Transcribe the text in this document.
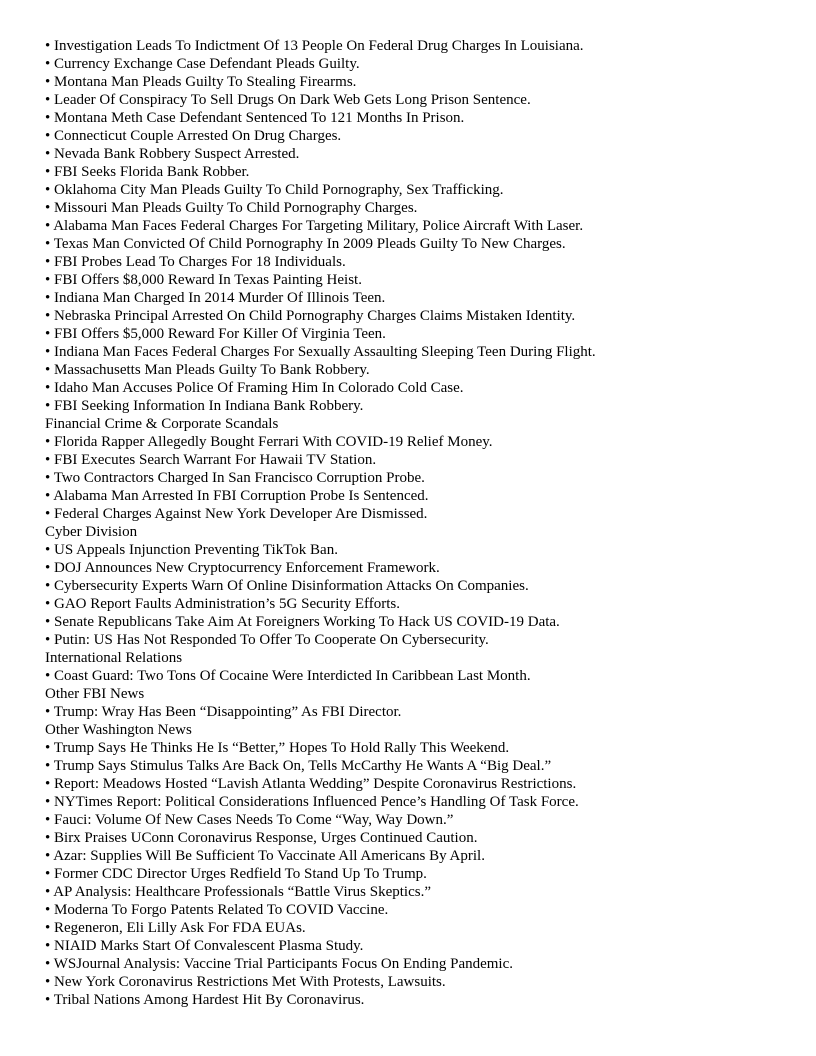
• Investigation Leads To Indictment Of 13 People On Federal Drug Charges In Louisiana.
• Currency Exchange Case Defendant Pleads Guilty.
• Montana Man Pleads Guilty To Stealing Firearms.
• Leader Of Conspiracy To Sell Drugs On Dark Web Gets Long Prison Sentence.
• Montana Meth Case Defendant Sentenced To 121 Months In Prison.
• Connecticut Couple Arrested On Drug Charges.
• Nevada Bank Robbery Suspect Arrested.
• FBI Seeks Florida Bank Robber.
• Oklahoma City Man Pleads Guilty To Child Pornography, Sex Trafficking.
• Missouri Man Pleads Guilty To Child Pornography Charges.
• Alabama Man Faces Federal Charges For Targeting Military, Police Aircraft With Laser.
• Texas Man Convicted Of Child Pornography In 2009 Pleads Guilty To New Charges.
• FBI Probes Lead To Charges For 18 Individuals.
• FBI Offers $8,000 Reward In Texas Painting Heist.
• Indiana Man Charged In 2014 Murder Of Illinois Teen.
• Nebraska Principal Arrested On Child Pornography Charges Claims Mistaken Identity.
• FBI Offers $5,000 Reward For Killer Of Virginia Teen.
• Indiana Man Faces Federal Charges For Sexually Assaulting Sleeping Teen During Flight.
• Massachusetts Man Pleads Guilty To Bank Robbery.
• Idaho Man Accuses Police Of Framing Him In Colorado Cold Case.
• FBI Seeking Information In Indiana Bank Robbery.
Financial Crime & Corporate Scandals
• Florida Rapper Allegedly Bought Ferrari With COVID-19 Relief Money.
• FBI Executes Search Warrant For Hawaii TV Station.
• Two Contractors Charged In San Francisco Corruption Probe.
• Alabama Man Arrested In FBI Corruption Probe Is Sentenced.
• Federal Charges Against New York Developer Are Dismissed.
Cyber Division
• US Appeals Injunction Preventing TikTok Ban.
• DOJ Announces New Cryptocurrency Enforcement Framework.
• Cybersecurity Experts Warn Of Online Disinformation Attacks On Companies.
• GAO Report Faults Administration’s 5G Security Efforts.
• Senate Republicans Take Aim At Foreigners Working To Hack US COVID-19 Data.
• Putin: US Has Not Responded To Offer To Cooperate On Cybersecurity.
International Relations
• Coast Guard: Two Tons Of Cocaine Were Interdicted In Caribbean Last Month.
Other FBI News
• Trump: Wray Has Been “Disappointing” As FBI Director.
Other Washington News
• Trump Says He Thinks He Is “Better,” Hopes To Hold Rally This Weekend.
• Trump Says Stimulus Talks Are Back On, Tells McCarthy He Wants A “Big Deal.”
• Report: Meadows Hosted “Lavish Atlanta Wedding” Despite Coronavirus Restrictions.
• NYTimes Report: Political Considerations Influenced Pence’s Handling Of Task Force.
• Fauci: Volume Of New Cases Needs To Come “Way, Way Down.”
• Birx Praises UConn Coronavirus Response, Urges Continued Caution.
• Azar: Supplies Will Be Sufficient To Vaccinate All Americans By April.
• Former CDC Director Urges Redfield To Stand Up To Trump.
• AP Analysis: Healthcare Professionals “Battle Virus Skeptics.”
• Moderna To Forgo Patents Related To COVID Vaccine.
• Regeneron, Eli Lilly Ask For FDA EUAs.
• NIAID Marks Start Of Convalescent Plasma Study.
• WSJournal Analysis: Vaccine Trial Participants Focus On Ending Pandemic.
• New York Coronavirus Restrictions Met With Protests, Lawsuits.
• Tribal Nations Among Hardest Hit By Coronavirus.
